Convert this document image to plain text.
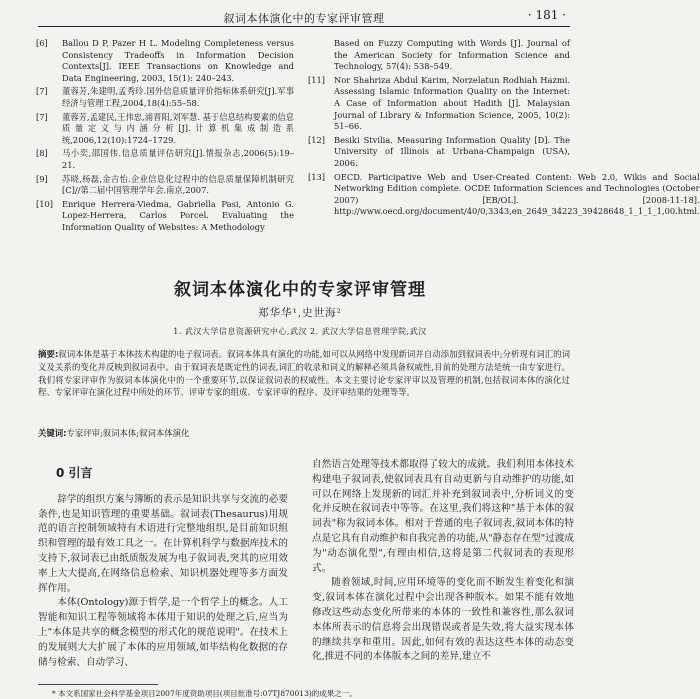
叙词本体演化中的专家评审管理	· 181 ·
[6]	Ballou D P, Pazer H L. Modeling Completeness versus Consistency Tradeoffs in Information Decision Contexts[J]. IEEE Transactions on Knowledge and Data Engineering, 2003, 15(1): 240–243.
[7]	董蓉芳,朱建明,孟秀玲.国外信息质量评价指标体系研究[J].军事经济与管理工程,2004,18(4):55–58.
[7]	董蓉芳,孟建民,王伟忠,浦晋阳,刘军慧. 基于信息结构要素的信息质量定义与内涵分析[J].计算机集成制造系统,2006,12(10):1724–1729.
[8]	马小奕,邵国伟.信息质量评估研究[J].情报杂志,2006(5):19–21.
[9]	苏晓,杨磊,金吉怡.企业信息化过程中的信息质量保障机制研究[C]//第二届中国管理学年会.南京,2007.
[10]	Enrique Herrera-Viedma, Gabriella Pasi, Antonio G. Lopez-Herrera, Carlos Porcel. Evaluating the Information Quality of Websites: A Methodology
Based on Fuzzy Computing with Words [J]. Journal of the American Society for Information Science and Technology, 57(4): 538–549.
[11]	Nor Shahriza Abdul Karim, Norzelatun Rodhiah Hazmi. Assessing Islamic Information Quality on the Internet: A Case of Information about Hadith [J]. Malaysian Journal of Library & Information Science, 2005, 10(2): 51–66.
[12]	Besiki Stvilia. Measuring Information Quality [D]. The University of Illinois at Urbana-Champaign (USA), 2006.
[13]	OECD. Participative Web and User-Created Content: Web 2.0, Wikis and Social Networking Edition complete. OCDE Information Sciences and Technologies (October 2007) [EB/OL]. [2008-11-18]. http://www.oecd.org/document/40/0,3343,en_2649_34223_39428648_1_1_1_1,00.html.
叙词本体演化中的专家评审管理
郑华华¹,史世海²
1. 武汉大学信息资源研究中心,武汉 2. 武汉大学信息管理学院,武汉
摘要:叙词本体是基于本体技术构建的电子叙词表。叙词本体具有演化的功能,如可以从网络中发现新词并自动添加到叙词表中;分析现有词汇的词义及关系的变化并反映到叙词表中。由于叙词表是既定性的词表,词汇的收录和词义的解释必须具备权威性,目前的处理方法是统一由专家进行。我们将专家评审作为叙词本体演化中的一个重要环节,以保证叙词表的权威性。本文主要讨论专家评审以及管理的机制,包括叙词本体的演化过程、专家评审在演化过程中所处的环节、评审专家的组成、专家评审的程序、及评审结果的处理等等。
关键词:专家评审;叙词本体;叙词本体演化
0 引言

辞学的组织方案与簿断的表示是知识共享与交流的必要条件,也是知识管理的重要基础。叙词表(Thesaurus)用规范的语言控制领域特有术语进行完整地组织,是目前知识组织和管理的最有效工具之一。在计算机科学与数据库技术的支持下,叙词表已由纸质版发展为电子叙词表,突其的应用效率上大大提高,在网络信息检索、知识机器处理等多方面发挥作用。

本体(Ontology)源于哲学,是一个哲学上的概念。人工智能和知识工程等领域将本体用于知识的处理之后,应当为上"本体是共享的概念模型的形式化的规范说明"。在技术上的发展则大大扩展了本体的应用领域,如毕结构化数据的存储与检索、自动学习、

自然语言处理等技术都取得了较大的成就。我们利用本体技术构建电子叙词表,使叙词表具有自动更新与自动维护的功能,如可以在网络上发现新的词汇并补充到叙词表中,分析词义的变化并反映在叙词表中等等。在这里,我们将这种"基于本体的叙词表"称为叙词本体。相对于普通的电子叙词表,叙词本体的特点是它具有自动维护和自我完善的功能,从"静态存在型"过渡成为"动态演化型",有理由相信,这将是第二代叙词表的表现形式。

随着领域,时间,应用环境等的变化而不断发生着变化和演变,叙词本体在演化过程中会出现各种版本。如果不能有效地修改这些动态变化所带来的本体的一致性和兼容性,那么叙词本体所表示的信息将会出现错误或者是失效,将大益实现本体的继续共享和重用。因此,如何有效的表达这些本体的动态变化,推进不同的本体版本之间的差异,建立不

* 本文系国家社会科学基金项目2007年度资助项目(项目批准号:07TJ870013)的成果之一。
